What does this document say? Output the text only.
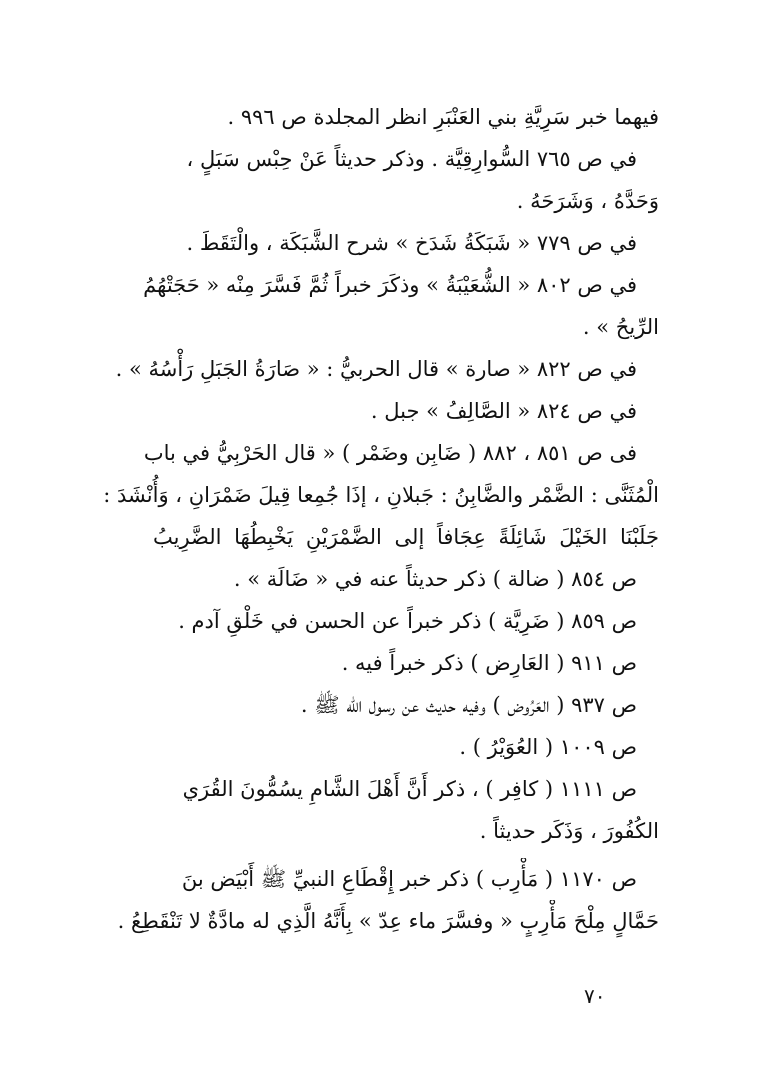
فيهما خبر سَرِيَّةِ بني العَنْبَرِ انظر المجلدة ص ٩٩٦ .
في ص ٧٦٥ السُّوارِقِيَّة . وذكر حديثاً عَنْ حِبْس سَبَلٍ ،
وَحَدَّهُ ، وَشَرَحَهُ .
في ص ٧٧٩ « شَبَكَةُ شَدَخ » شرح الشَّبَكَة ، والْتَقَطَ .
في ص ٨٠٢ « الشُّعَيْبَةُ » وذكَرَ خبراً ثُمَّ فَسَّرَ مِنْه « حَجَتْهُمُ
الرِّيحُ » .
في ص ٨٢٢ « صارة » قال الحربيُّ : « صَارَةُ الجَبَلِ رَأْسُهُ » .
في ص ٨٢٤ « الصَّالِفُ » جبل .
فى ص ٨٥١ ، ٨٨٢ ( ضَابِن وضَمْر ) « قال الحَرْبِيُّ في باب
الْمُثَنَّى : الضَّمْر والضَّابِنُ : جَبلانِ ، إذَا جُمِعا قِيلَ ضَمْرَانِ ، وَأُنْشَدَ :
جَلَبْنَا الخَيْلَ شَائِلَةً عِجَافاً إلى الضَّمْرَيْنِ يَخْبِطُهَا الضَّرِيبُ
ص ٨٥٤ ( ضالة ) ذكر حديثاً عنه في « ضَالَة » .
ص ٨٥٩ ( ضَرِيَّة ) ذكر خبراً عن الحسن في خَلْقِ آدم .
ص ٩١١ ( العَارِض ) ذكر خبراً فيه .
ص ٩٣٧ ( العَرُوض ) وفيه حديث عن رسول الله ﷺ .
ص ١٠٠٩ ( العُوَيْرُ ) .
ص ١١١١ ( كافِر ) ، ذكر أَنَّ أَهْلَ الشَّامِ يسُمُّونَ القُرَي
الكُفُورَ ، وَذَكَر حديثاً .
ص ١١٧٠ ( مَأْرِب ) ذكر خبر إِقْطَاعِ النبيِّ ﷺ أَبْيَض بنَ
حَمَّالٍ مِلْحَ مَأْرِبٍ « وفسَّرَ ماء عِدّ » بِأَنَّهُ الَّذِي له مادَّةٌ لا تَنْقَطِعُ .
٧٠
